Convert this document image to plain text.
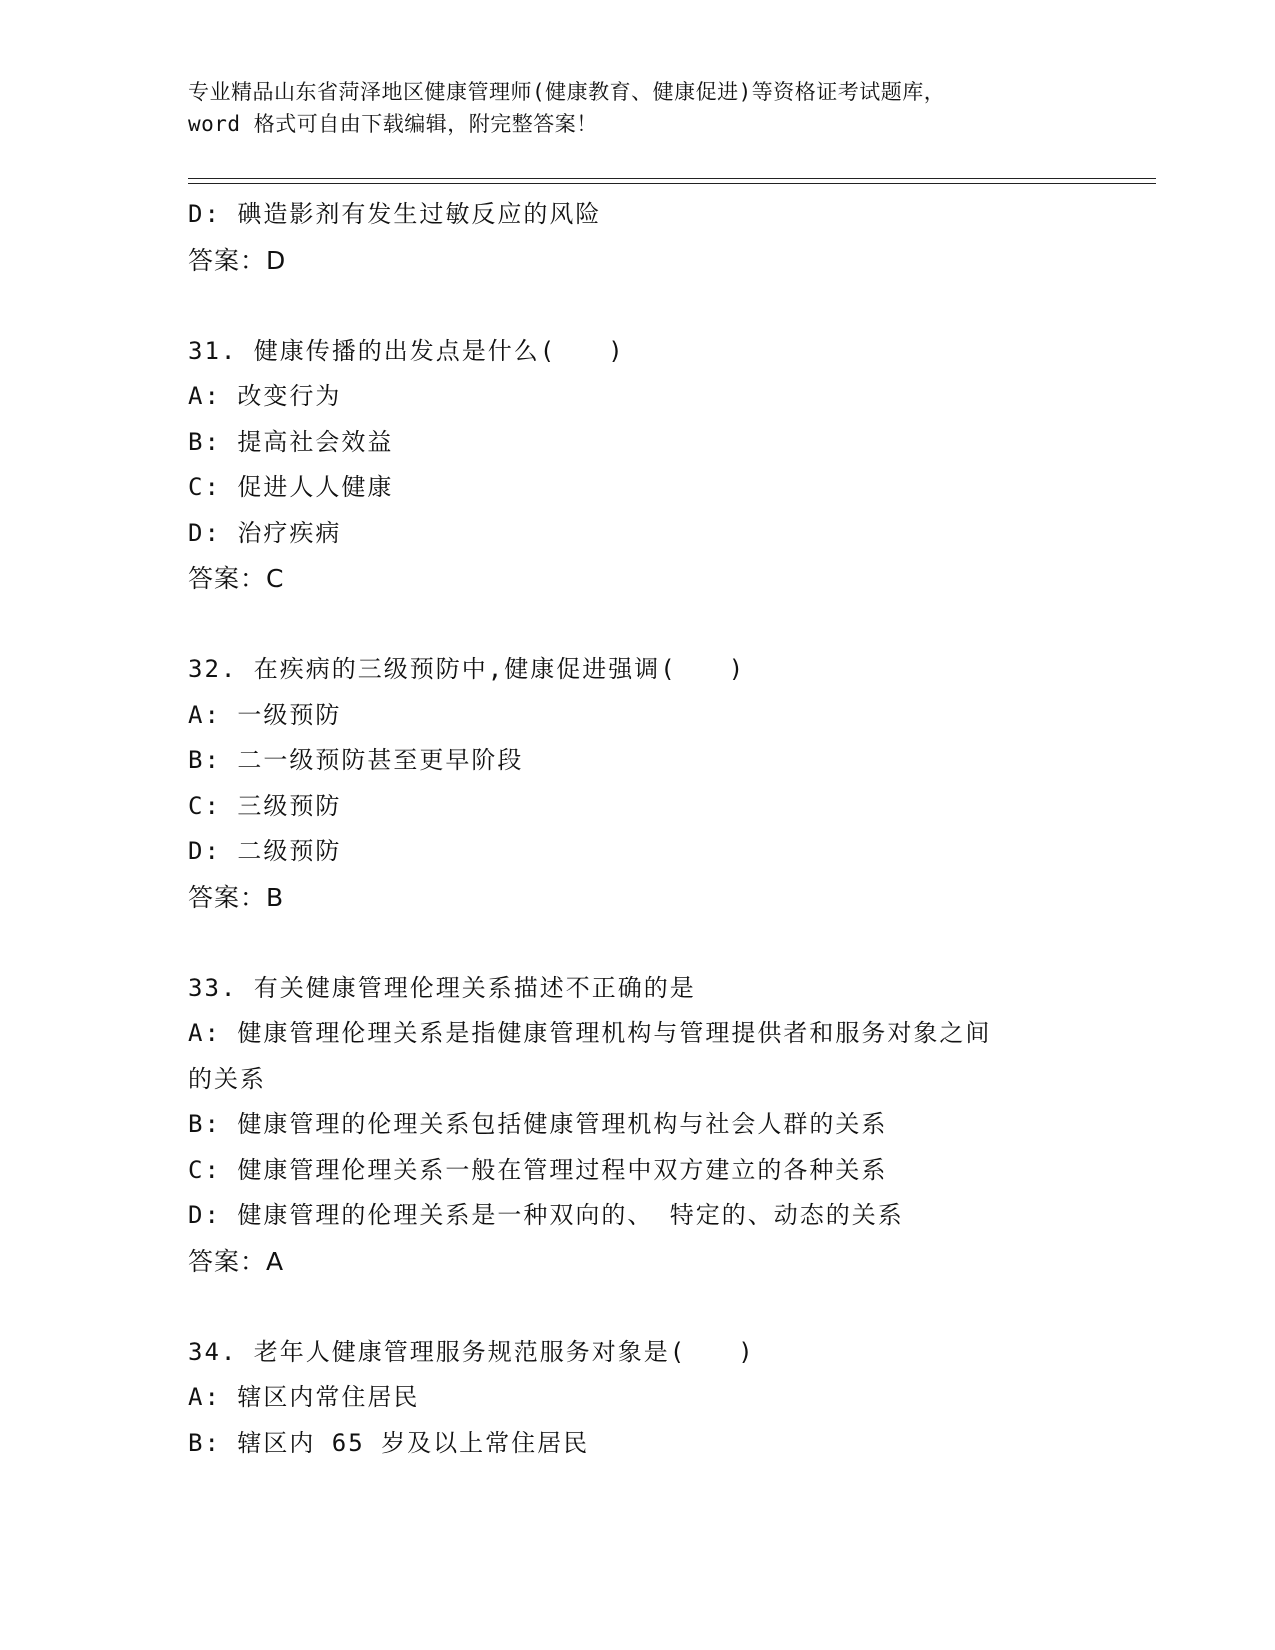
专业精品山东省菏泽地区健康管理师(健康教育、健康促进)等资格证考试题库，
word 格式可自由下载编辑，附完整答案！
D: 碘造影剂有发生过敏反应的风险
答案：D
31. 健康传播的出发点是什么(　　)
A: 改变行为
B: 提高社会效益
C: 促进人人健康
D: 治疗疾病
答案：C
32. 在疾病的三级预防中,健康促进强调(　　)
A: 一级预防
B: 二一级预防甚至更早阶段
C: 三级预防
D: 二级预防
答案：B
33. 有关健康管理伦理关系描述不正确的是
A: 健康管理伦理关系是指健康管理机构与管理提供者和服务对象之间
的关系
B: 健康管理的伦理关系包括健康管理机构与社会人群的关系
C: 健康管理伦理关系一般在管理过程中双方建立的各种关系
D: 健康管理的伦理关系是一种双向的、 特定的、动态的关系
答案：A
34. 老年人健康管理服务规范服务对象是(　　)
A: 辖区内常住居民
B: 辖区内 65 岁及以上常住居民
